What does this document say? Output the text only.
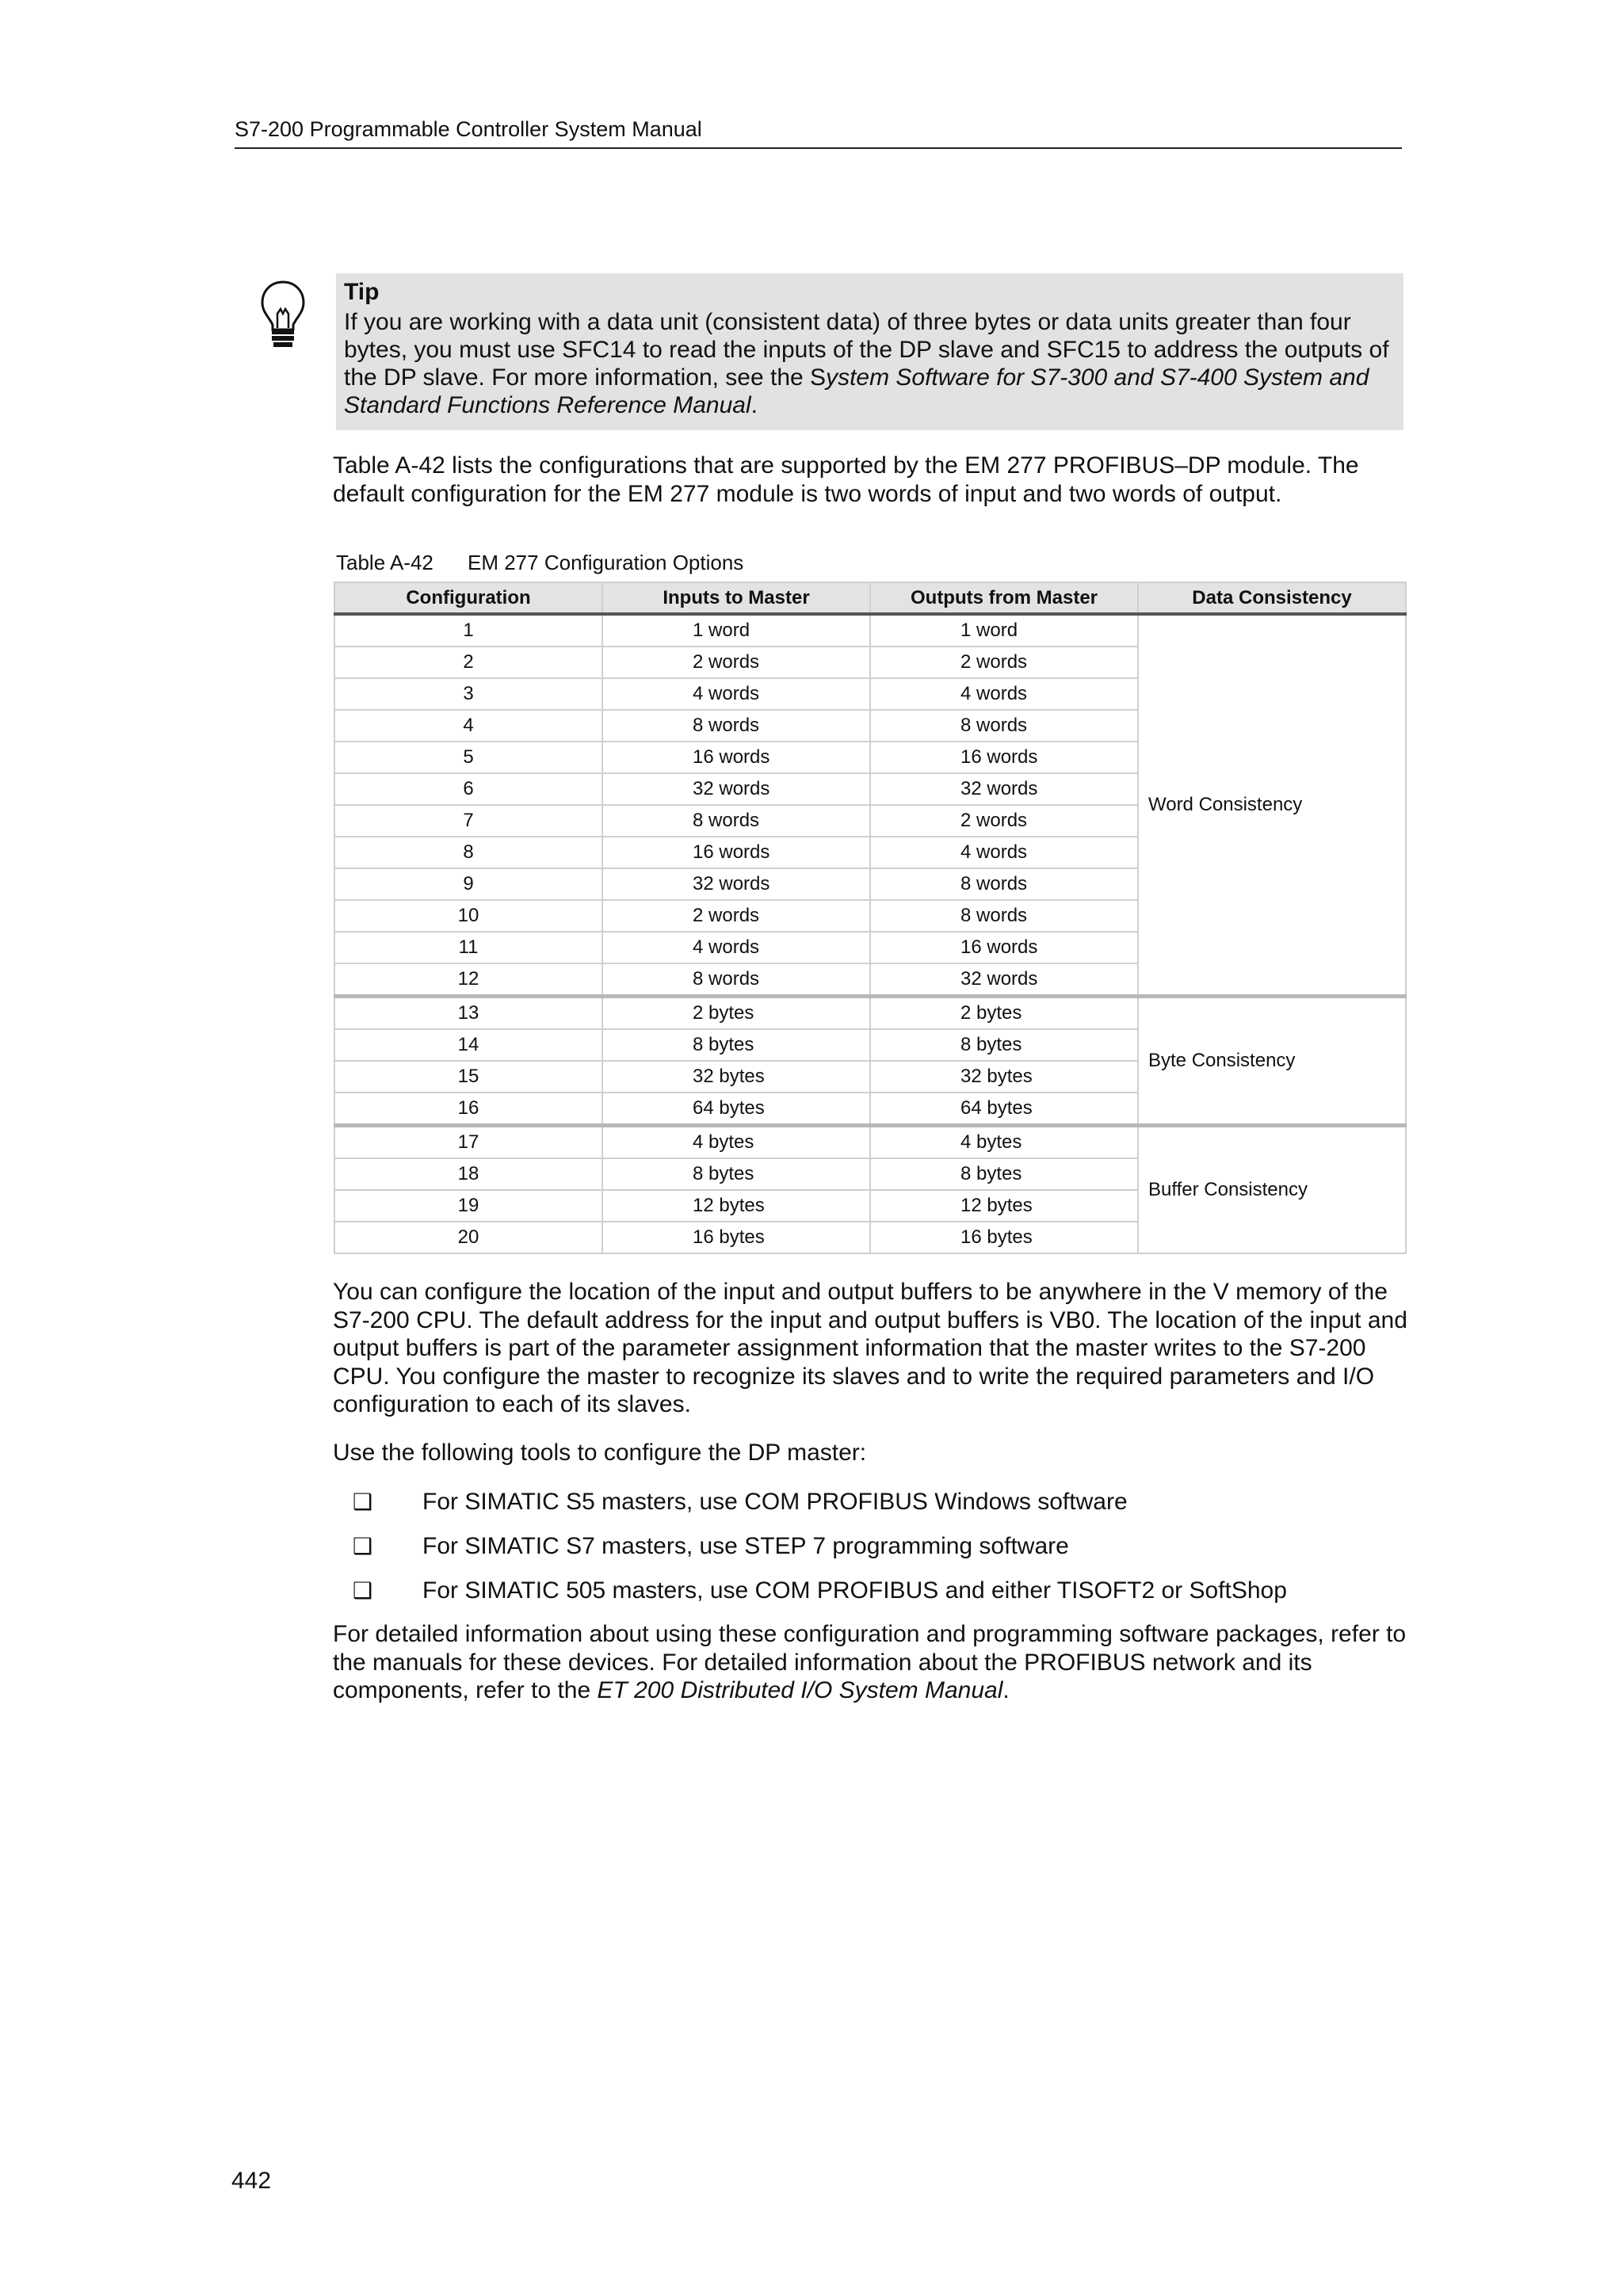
S7-200 Programmable Controller System Manual
Tip
If you are working with a data unit (consistent data) of three bytes or data units greater than four bytes, you must use SFC14 to read the inputs of the DP slave and SFC15 to address the outputs of the DP slave. For more information, see the System Software for S7-300 and S7-400 System and Standard Functions Reference Manual.
Table A-42 lists the configurations that are supported by the EM 277 PROFIBUS–DP module. The default configuration for the EM 277 module is two words of input and two words of output.
Table A-42 EM 277 Configuration Options
Configuration	Inputs to Master	Outputs from Master	Data Consistency
1	1 word	1 word	Word Consistency
2	2 words	2 words	
3	4 words	4 words	
4	8 words	8 words	
5	16 words	16 words	
6	32 words	32 words	
7	8 words	2 words	
8	16 words	4 words	
9	32 words	8 words	
10	2 words	8 words	
11	4 words	16 words	
12	8 words	32 words	
13	2 bytes	2 bytes	Byte Consistency
14	8 bytes	8 bytes	
15	32 bytes	32 bytes	
16	64 bytes	64 bytes	
17	4 bytes	4 bytes	Buffer Consistency
18	8 bytes	8 bytes	
19	12 bytes	12 bytes	
20	16 bytes	16 bytes	
You can configure the location of the input and output buffers to be anywhere in the V memory of the S7-200 CPU. The default address for the input and output buffers is VB0. The location of the input and output buffers is part of the parameter assignment information that the master writes to the S7-200 CPU. You configure the master to recognize its slaves and to write the required parameters and I/O configuration to each of its slaves.
Use the following tools to configure the DP master:
❑ For SIMATIC S5 masters, use COM PROFIBUS Windows software
❑ For SIMATIC S7 masters, use STEP 7 programming software
❑ For SIMATIC 505 masters, use COM PROFIBUS and either TISOFT2 or SoftShop
For detailed information about using these configuration and programming software packages, refer to the manuals for these devices. For detailed information about the PROFIBUS network and its components, refer to the ET 200 Distributed I/O System Manual.
442
